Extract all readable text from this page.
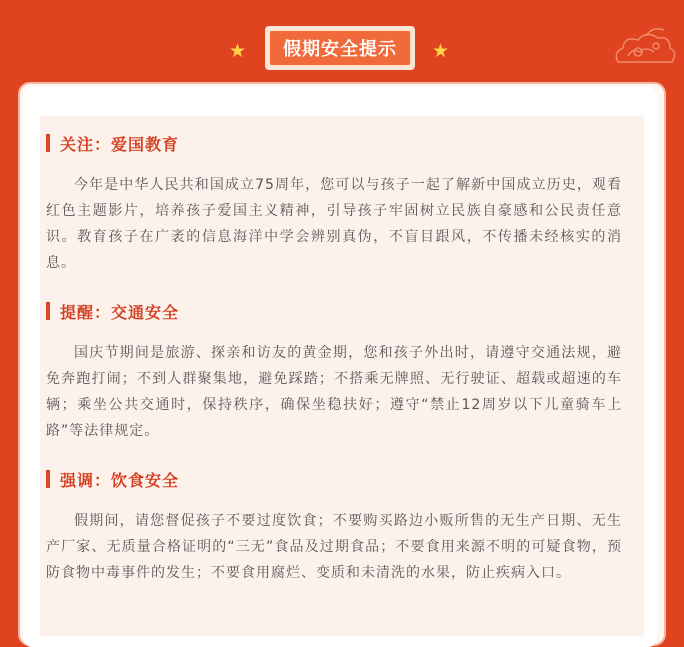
★	假期安全提示	★
关注：爱国教育
今年是中华人民共和国成立75周年，您可以与孩子一起了解新中国成立历史，观看红色主题影片，培养孩子爱国主义精神，引导孩子牢固树立民族自豪感和公民责任意识。教育孩子在广袤的信息海洋中学会辨别真伪，不盲目跟风，不传播未经核实的消息。
提醒：交通安全
国庆节期间是旅游、探亲和访友的黄金期，您和孩子外出时，请遵守交通法规，避免奔跑打闹；不到人群聚集地，避免踩踏；不搭乘无牌照、无行驶证、超载或超速的车辆；乘坐公共交通时，保持秩序，确保坐稳扶好；遵守“禁止12周岁以下儿童骑车上路”等法律规定。
强调：饮食安全
假期间，请您督促孩子不要过度饮食；不要购买路边小贩所售的无生产日期、无生产厂家、无质量合格证明的“三无”食品及过期食品；不要食用来源不明的可疑食物，预防食物中毒事件的发生；不要食用腐烂、变质和未清洗的水果，防止疾病入口。
